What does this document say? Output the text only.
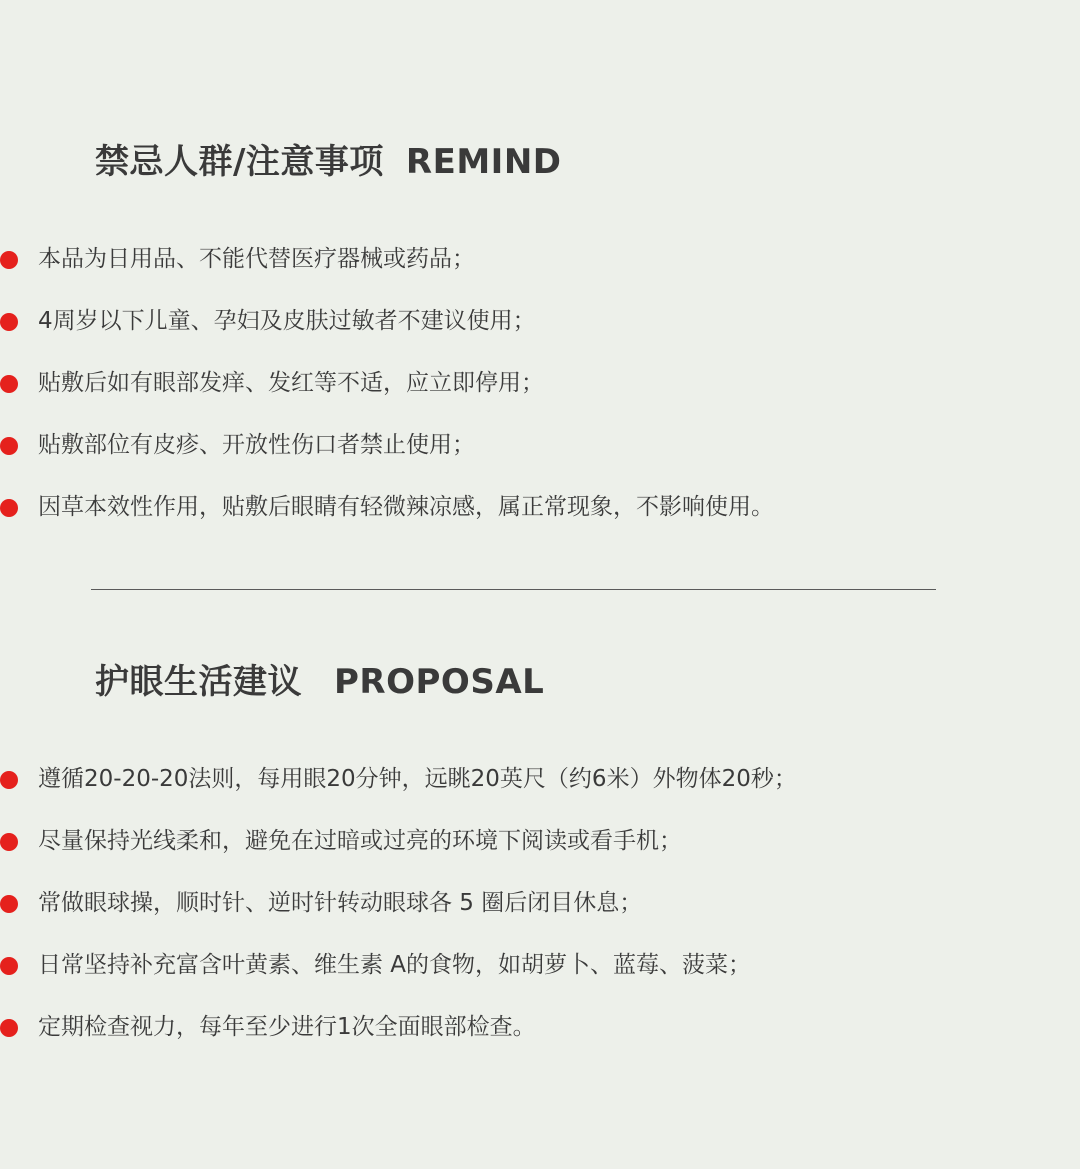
禁忌人群/注意事项 REMIND
本品为日用品、不能代替医疗器械或药品；
4周岁以下儿童、孕妇及皮肤过敏者不建议使用；
贴敷后如有眼部发痒、发红等不适，应立即停用；
贴敷部位有皮疹、开放性伤口者禁止使用；
因草本效性作用，贴敷后眼睛有轻微辣凉感，属正常现象，不影响使用。
护眼生活建议 PROPOSAL
遵循20-20-20法则，每用眼20分钟，远眺20英尺（约6米）外物体20秒；
尽量保持光线柔和，避免在过暗或过亮的环境下阅读或看手机；
常做眼球操，顺时针、逆时针转动眼球各 5 圈后闭目休息；
日常坚持补充富含叶黄素、维生素 A的食物，如胡萝卜、蓝莓、菠菜；
定期检查视力，每年至少进行1次全面眼部检查。
